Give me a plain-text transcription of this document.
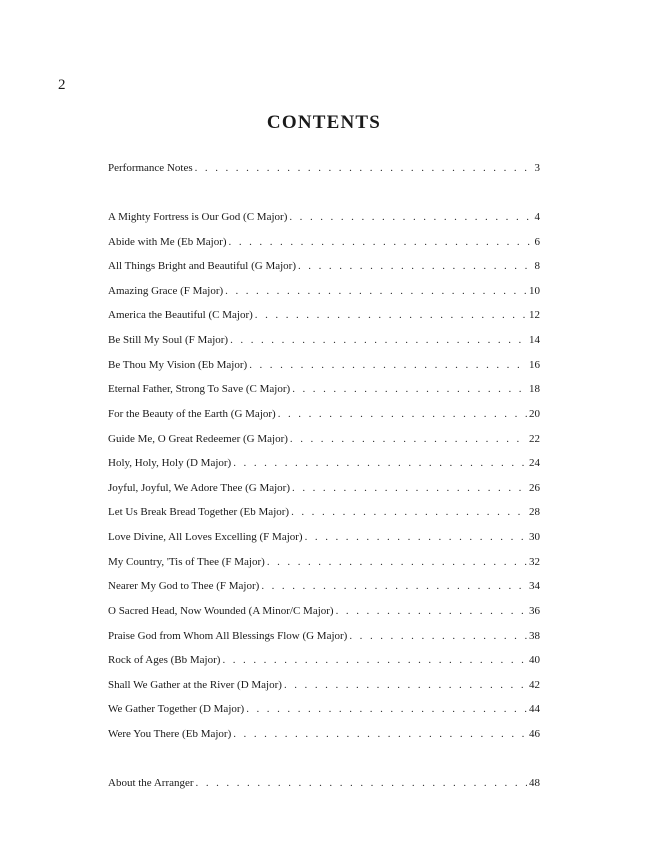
2
CONTENTS
Performance Notes . . .	3
A Mighty Fortress is Our God (C Major) . . .	4
Abide with Me (Eb Major) . . .	6
All Things Bright and Beautiful (G Major) . . .	8
Amazing Grace (F Major) . . .	10
America the Beautiful (C Major) . . .	12
Be Still My Soul (F Major) . . .	14
Be Thou My Vision (Eb Major) . . .	16
Eternal Father, Strong To Save (C Major) . . .	18
For the Beauty of the Earth (G Major) . . .	20
Guide Me, O Great Redeemer (G Major) . . .	22
Holy, Holy, Holy (D Major) . . .	24
Joyful, Joyful, We Adore Thee (G Major) . . .	26
Let Us Break Bread Together (Eb Major) . . .	28
Love Divine, All Loves Excelling (F Major) . . .	30
My Country, 'Tis of Thee (F Major) . . .	32
Nearer My God to Thee (F Major) . . .	34
O Sacred Head, Now Wounded (A Minor/C Major) . . .	36
Praise God from Whom All Blessings Flow (G Major) . . .	38
Rock of Ages (Bb Major) . . .	40
Shall We Gather at the River (D Major) . . .	42
We Gather Together (D Major) . . .	44
Were You There (Eb Major) . . .	46
About the Arranger . . .	48
